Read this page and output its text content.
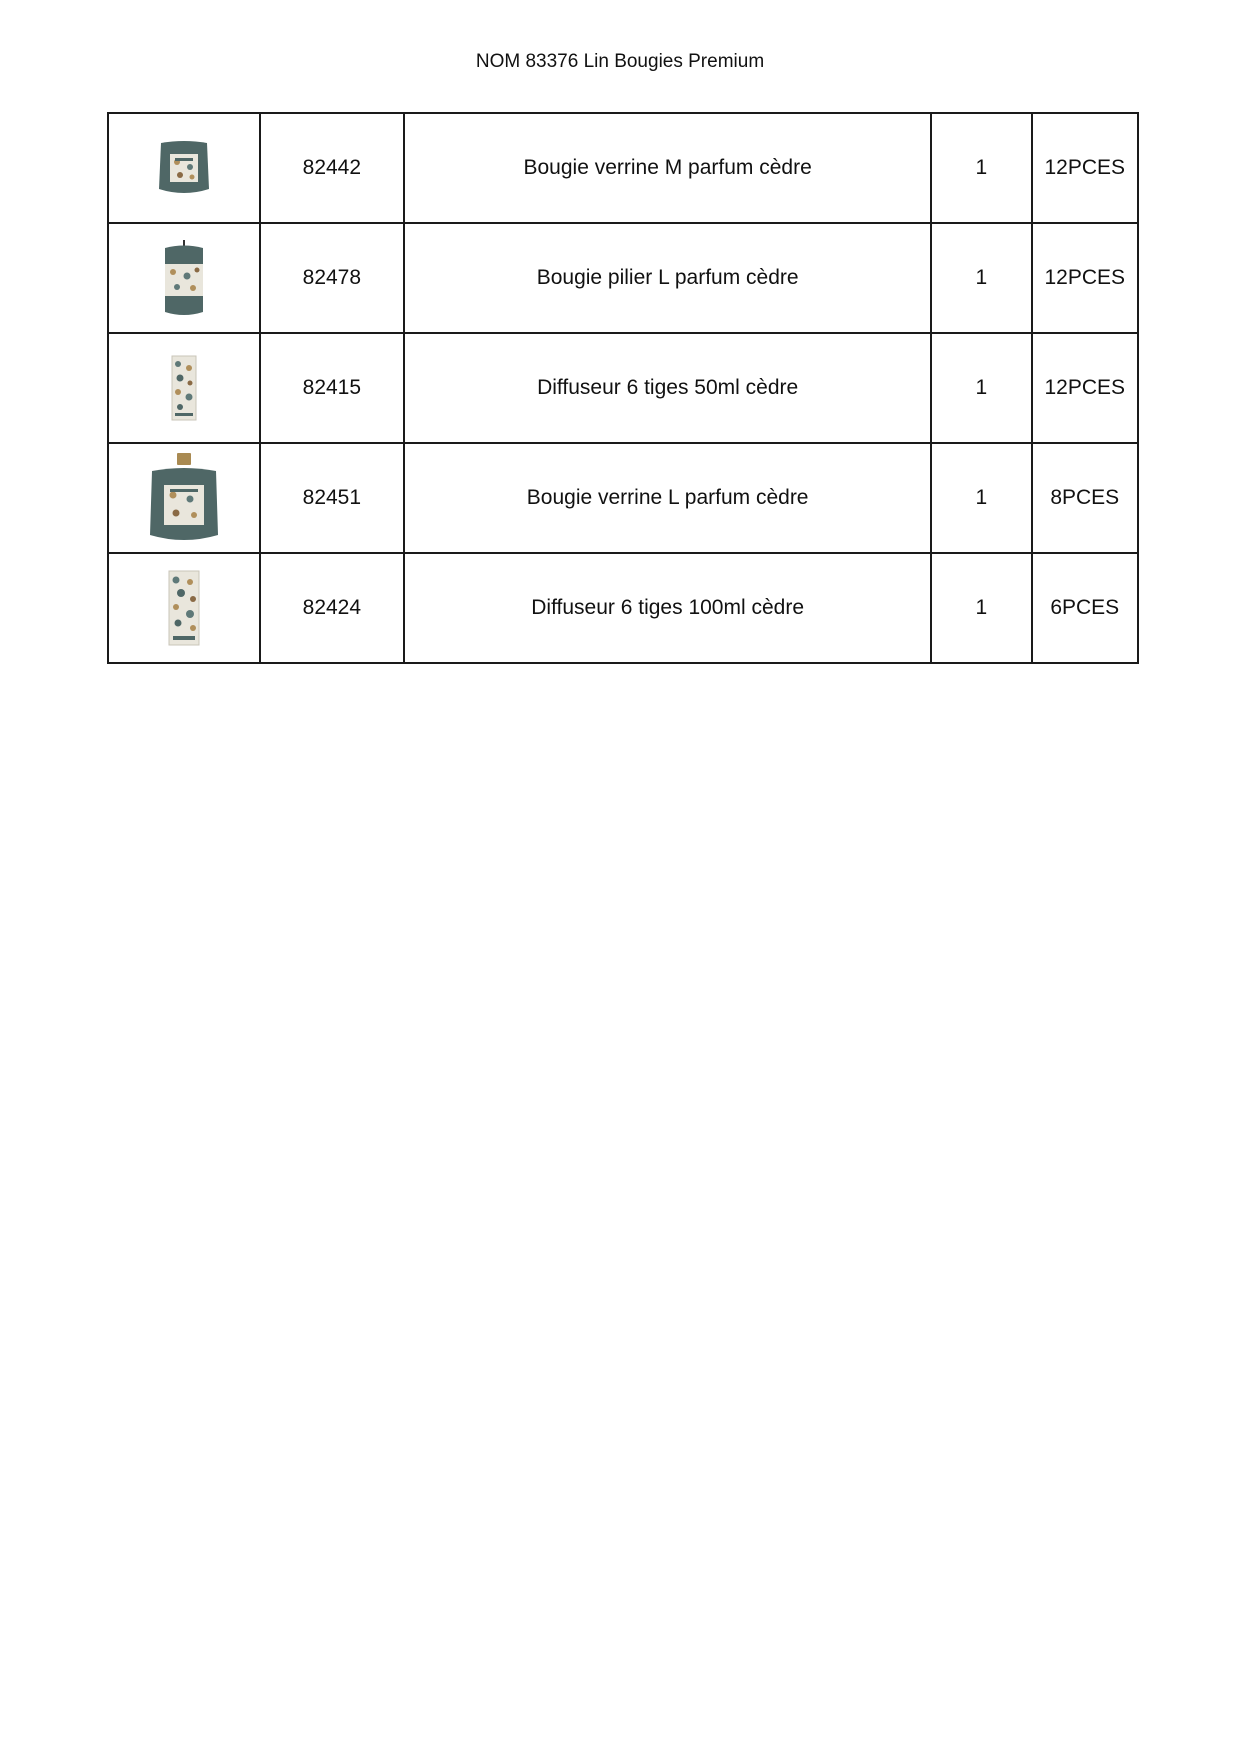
NOM 83376 Lin Bougies Premium
	82442	Bougie verrine M parfum cèdre	1	12PCES

	82478	Bougie pilier L parfum cèdre	1	12PCES

	82415	Diffuseur 6 tiges 50ml cèdre	1	12PCES

	82451	Bougie verrine L parfum cèdre	1	8PCES

	82424	Diffuseur 6 tiges 100ml cèdre	1	6PCES
